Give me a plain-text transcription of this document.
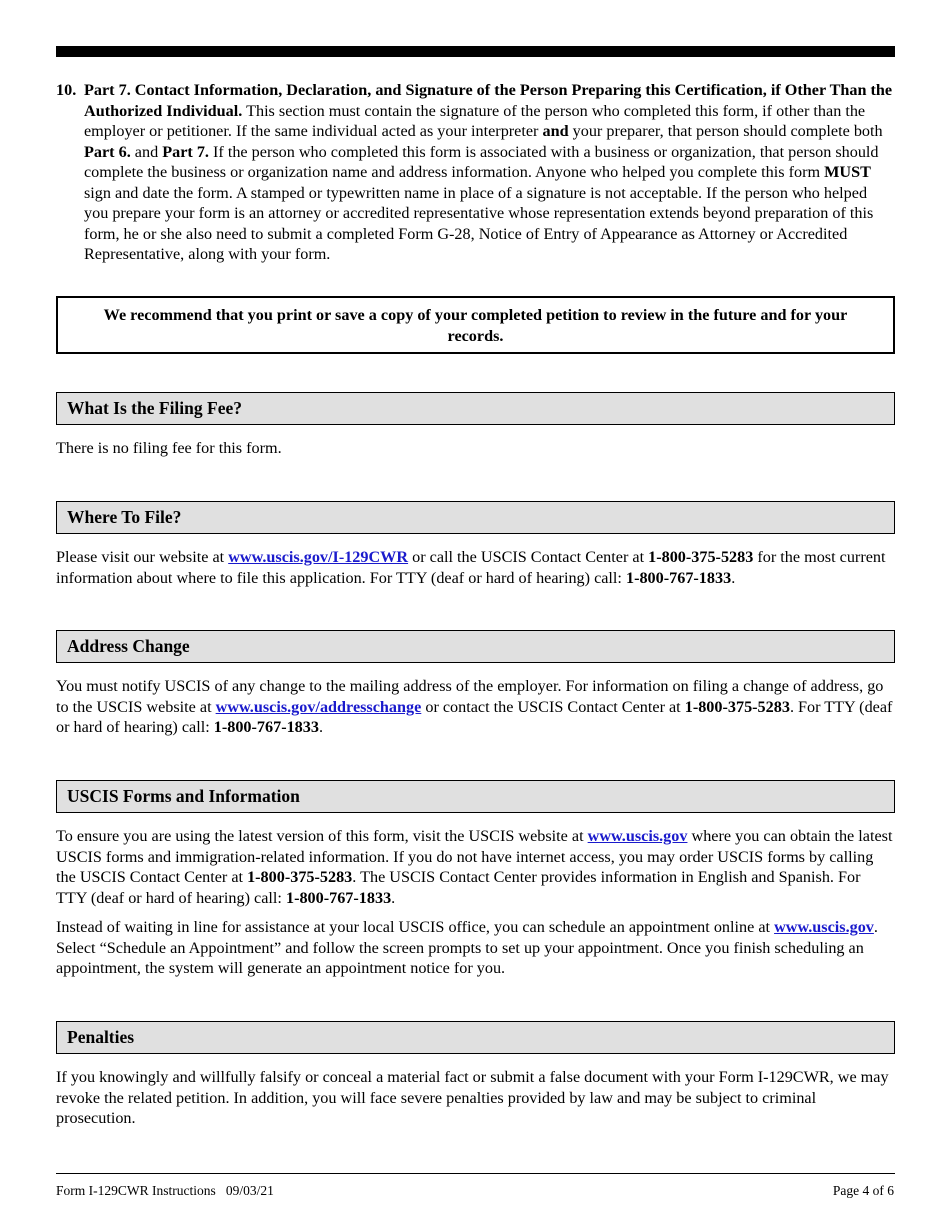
10. Part 7. Contact Information, Declaration, and Signature of the Person Preparing this Certification, if Other Than the Authorized Individual. This section must contain the signature of the person who completed this form, if other than the employer or petitioner. If the same individual acted as your interpreter and your preparer, that person should complete both Part 6. and Part 7. If the person who completed this form is associated with a business or organization, that person should complete the business or organization name and address information. Anyone who helped you complete this form MUST sign and date the form. A stamped or typewritten name in place of a signature is not acceptable. If the person who helped you prepare your form is an attorney or accredited representative whose representation extends beyond preparation of this form, he or she also need to submit a completed Form G-28, Notice of Entry of Appearance as Attorney or Accredited Representative, along with your form.
We recommend that you print or save a copy of your completed petition to review in the future and for your records.
What Is the Filing Fee?
There is no filing fee for this form.
Where To File?
Please visit our website at www.uscis.gov/I-129CWR or call the USCIS Contact Center at 1-800-375-5283 for the most current information about where to file this application. For TTY (deaf or hard of hearing) call: 1-800-767-1833.
Address Change
You must notify USCIS of any change to the mailing address of the employer. For information on filing a change of address, go to the USCIS website at www.uscis.gov/addresschange or contact the USCIS Contact Center at 1-800-375-5283. For TTY (deaf or hard of hearing) call: 1-800-767-1833.
USCIS Forms and Information
To ensure you are using the latest version of this form, visit the USCIS website at www.uscis.gov where you can obtain the latest USCIS forms and immigration-related information. If you do not have internet access, you may order USCIS forms by calling the USCIS Contact Center at 1-800-375-5283. The USCIS Contact Center provides information in English and Spanish. For TTY (deaf or hard of hearing) call: 1-800-767-1833.
Instead of waiting in line for assistance at your local USCIS office, you can schedule an appointment online at www.uscis.gov. Select “Schedule an Appointment” and follow the screen prompts to set up your appointment. Once you finish scheduling an appointment, the system will generate an appointment notice for you.
Penalties
If you knowingly and willfully falsify or conceal a material fact or submit a false document with your Form I-129CWR, we may revoke the related petition. In addition, you will face severe penalties provided by law and may be subject to criminal prosecution.
Form I-129CWR Instructions   09/03/21	Page 4 of 6
